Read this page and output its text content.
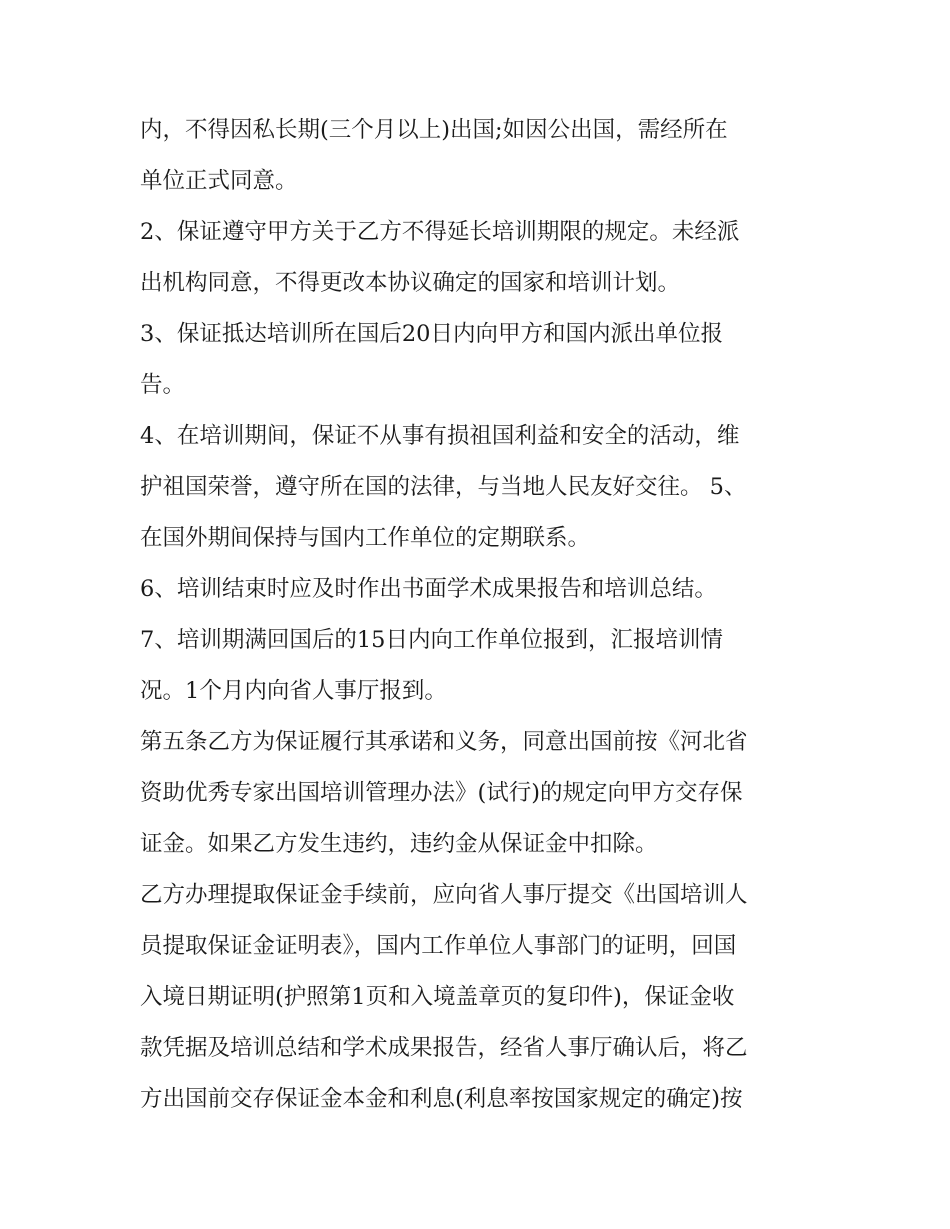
内，不得因私长期(三个月以上)出国;如因公出国，需经所在
单位正式同意。
2、保证遵守甲方关于乙方不得延长培训期限的规定。未经派
出机构同意，不得更改本协议确定的国家和培训计划。
3、保证抵达培训所在国后20日内向甲方和国内派出单位报
告。
4、在培训期间，保证不从事有损祖国利益和安全的活动，维
护祖国荣誉，遵守所在国的法律，与当地人民友好交往。 5、
在国外期间保持与国内工作单位的定期联系。
6、培训结束时应及时作出书面学术成果报告和培训总结。
7、培训期满回国后的15日内向工作单位报到，汇报培训情
况。1个月内向省人事厅报到。
第五条乙方为保证履行其承诺和义务，同意出国前按《河北省
资助优秀专家出国培训管理办法》(试行)的规定向甲方交存保
证金。如果乙方发生违约，违约金从保证金中扣除。
乙方办理提取保证金手续前，应向省人事厅提交《出国培训人
员提取保证金证明表》，国内工作单位人事部门的证明，回国
入境日期证明(护照第1页和入境盖章页的复印件)，保证金收
款凭据及培训总结和学术成果报告，经省人事厅确认后，将乙
方出国前交存保证金本金和利息(利息率按国家规定的确定)按
